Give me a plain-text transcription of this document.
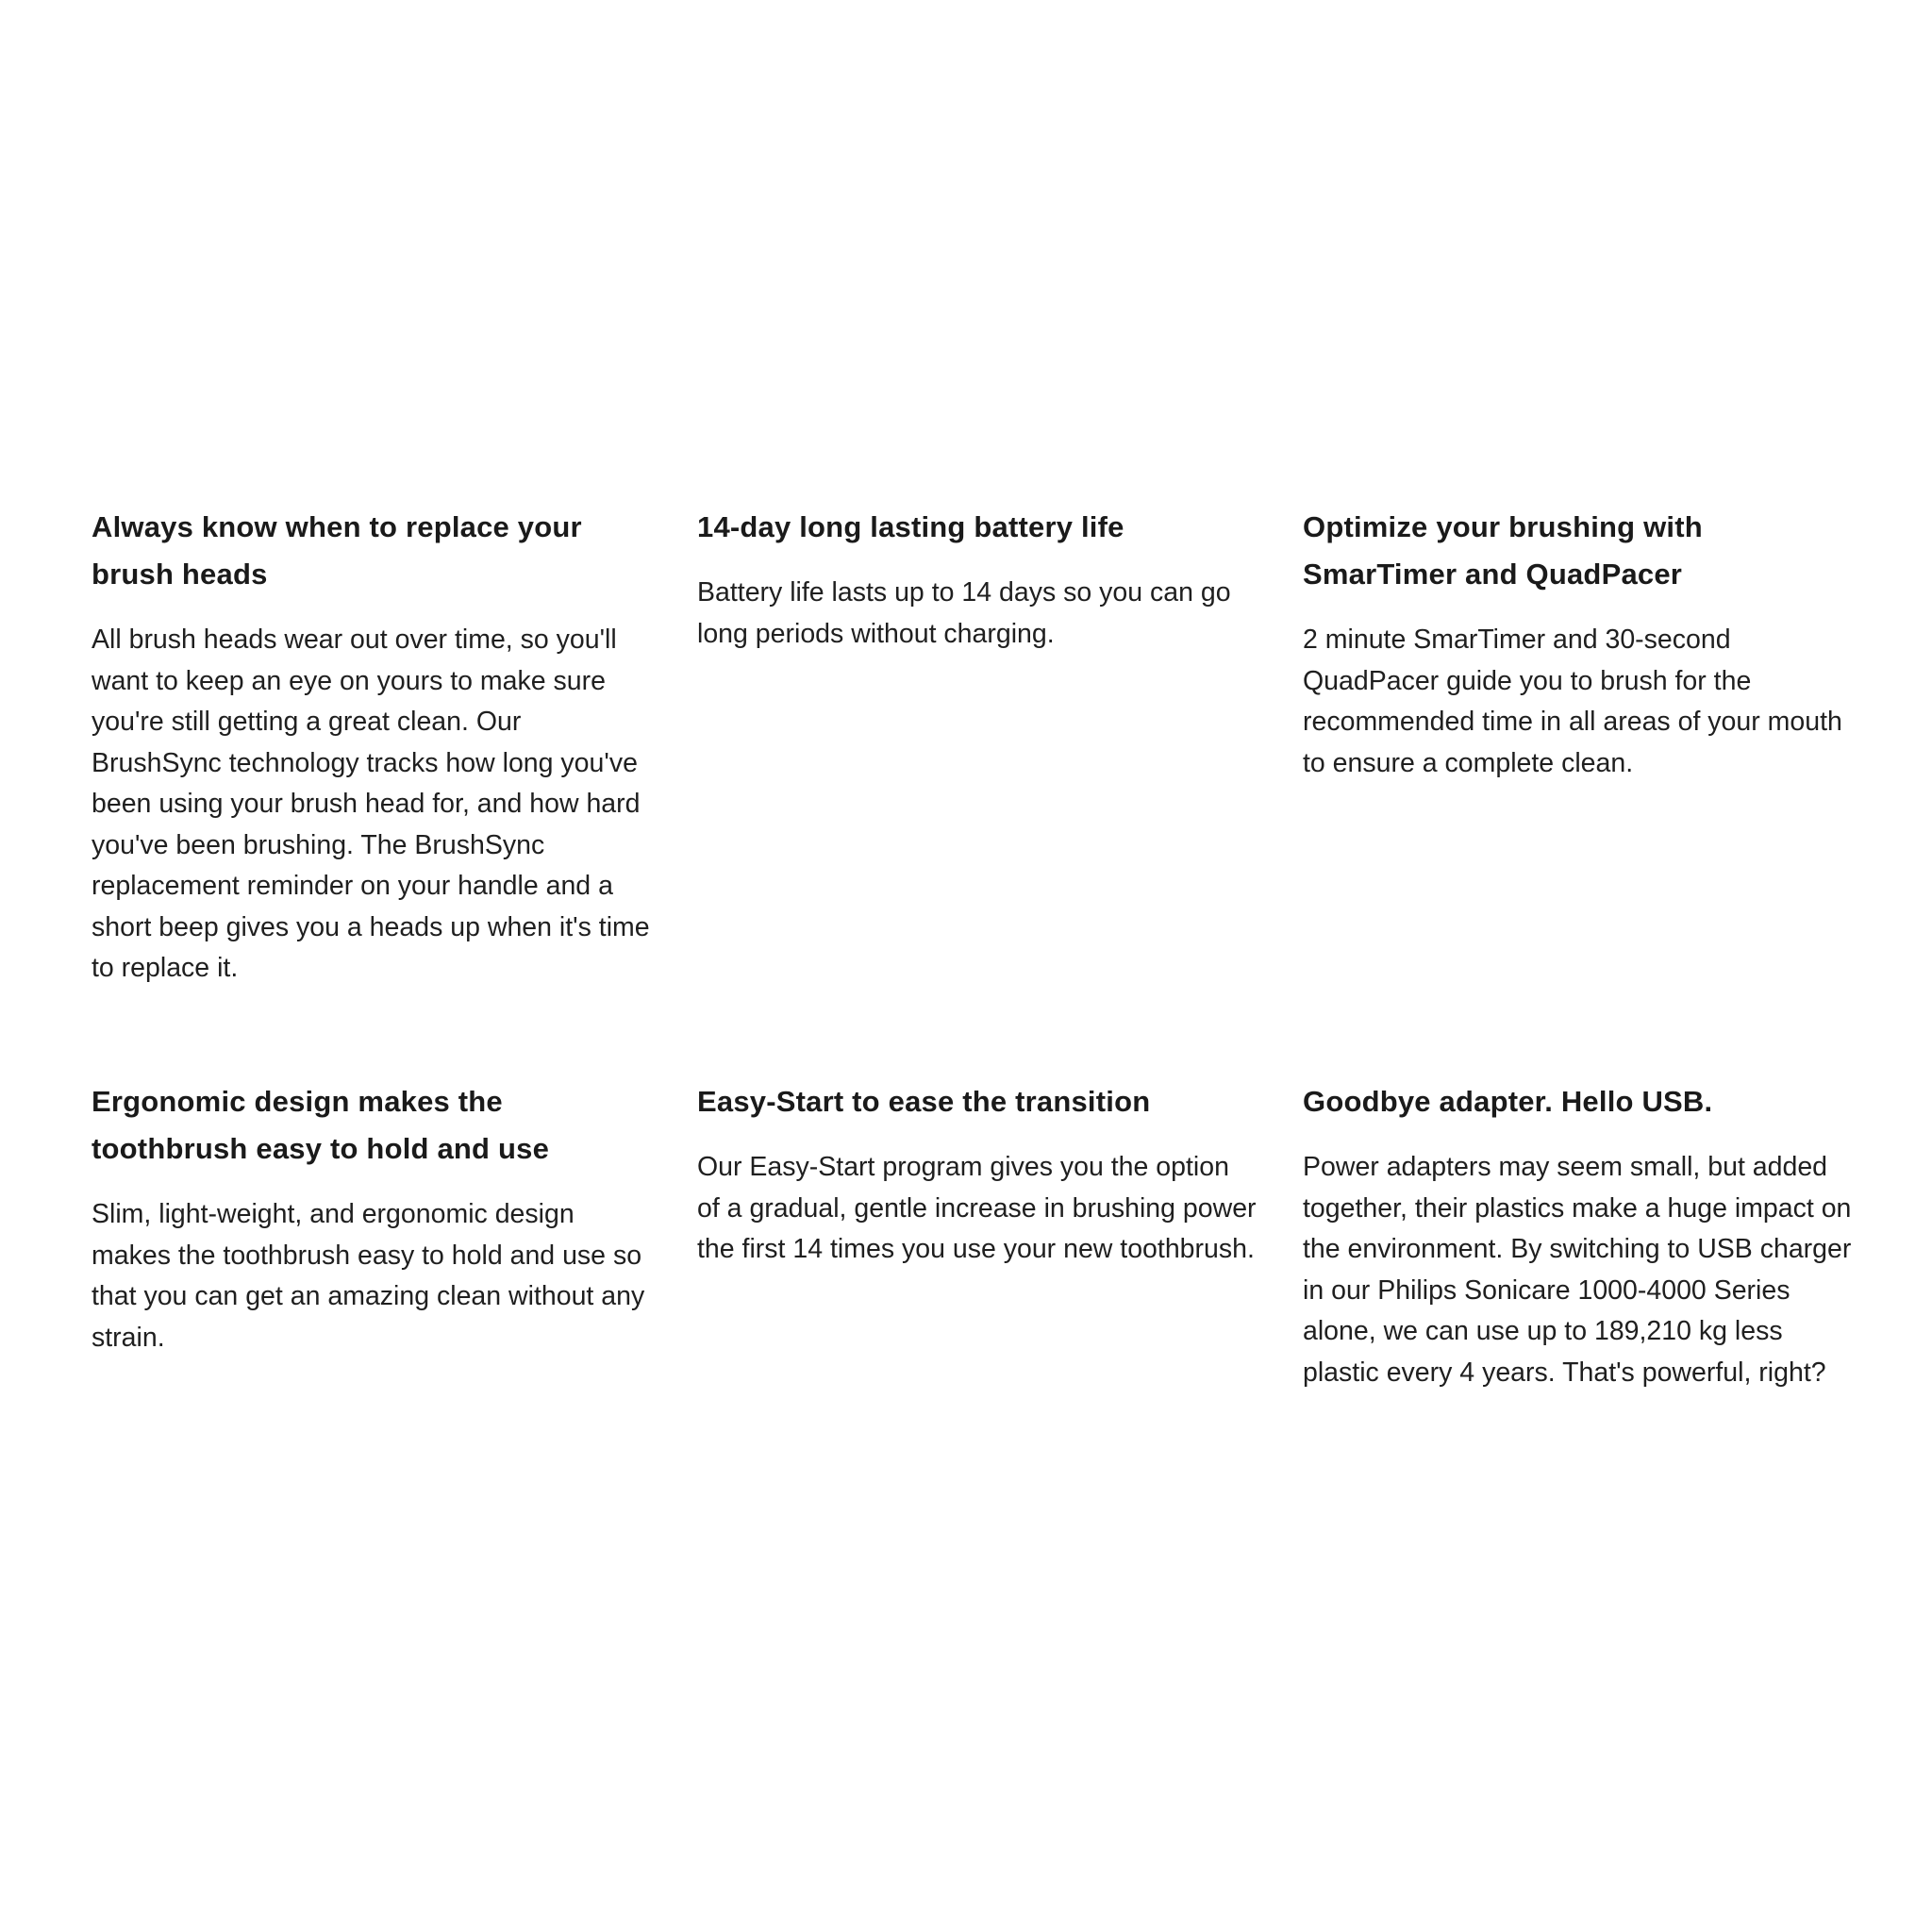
Always know when to replace your brush heads

All brush heads wear out over time, so you'll want to keep an eye on yours to make sure you're still getting a great clean. Our BrushSync technology tracks how long you've been using your brush head for, and how hard you've been brushing. The BrushSync replacement reminder on your handle and a short beep gives you a heads up when it's time to replace it.

14-day long lasting battery life

Battery life lasts up to 14 days so you can go long periods without charging.

Optimize your brushing with SmarTimer and QuadPacer

2 minute SmarTimer and 30-second QuadPacer guide you to brush for the recommended time in all areas of your mouth to ensure a complete clean.

Ergonomic design makes the toothbrush easy to hold and use

Slim, light-weight, and ergonomic design makes the toothbrush easy to hold and use so that you can get an amazing clean without any strain.

Easy-Start to ease the transition

Our Easy-Start program gives you the option of a gradual, gentle increase in brushing power the first 14 times you use your new toothbrush.

Goodbye adapter. Hello USB.

Power adapters may seem small, but added together, their plastics make a huge impact on the environment. By switching to USB charger in our Philips Sonicare 1000-4000 Series alone, we can use up to 189,210 kg less plastic every 4 years. That's powerful, right?
